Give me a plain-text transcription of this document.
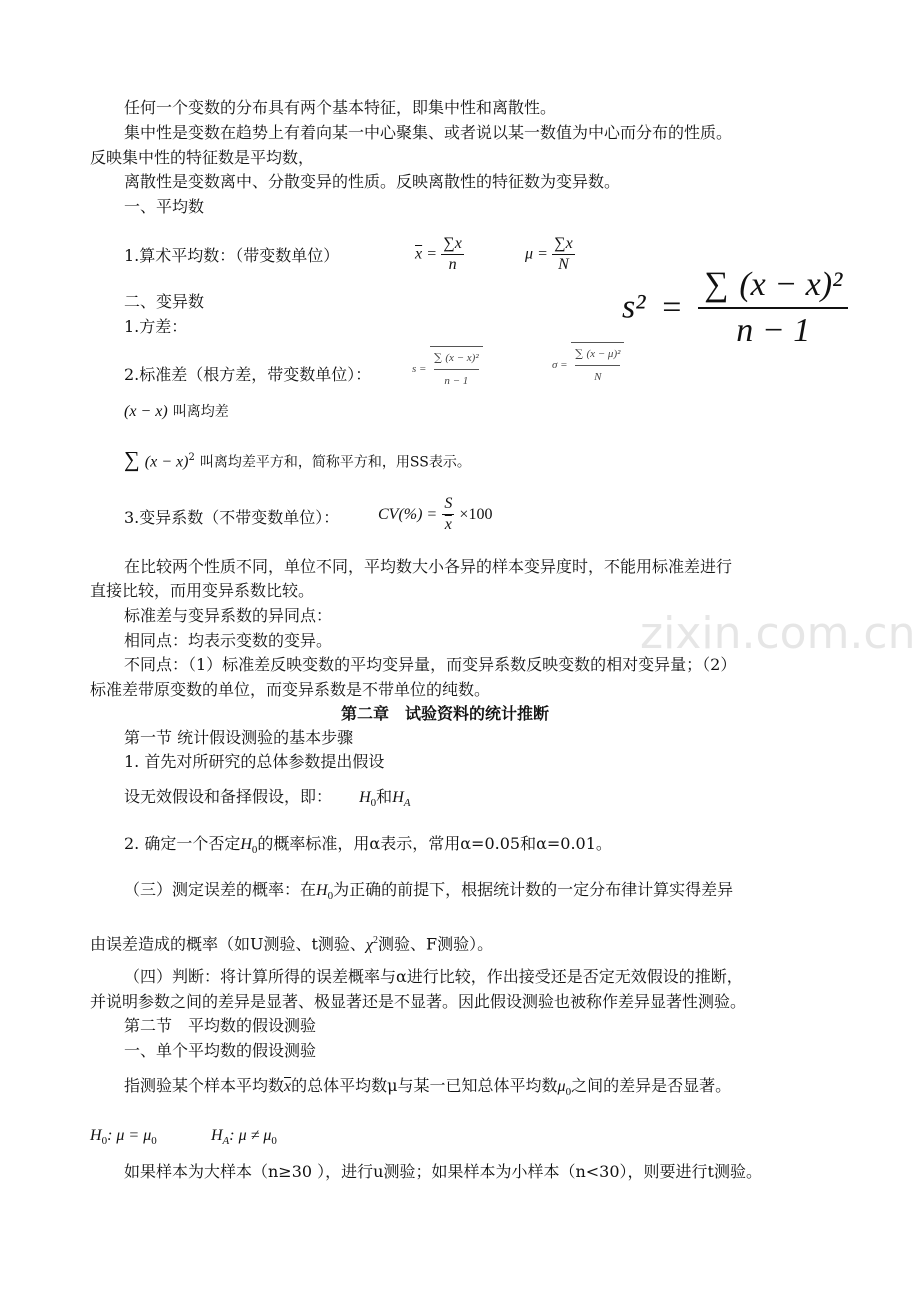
zixin.com.cn
任何一个变数的分布具有两个基本特征，即集中性和离散性。
集中性是变数在趋势上有着向某一中心聚集、或者说以某一数值为中心而分布的性质。
反映集中性的特征数是平均数，
离散性是变数离中、分散变异的性质。反映离散性的特征数为变异数。
一、平均数
1.算术平均数：（带变数单位）	$\overline{x} = \frac{\sum x}{n}$	$\mu = \frac{\sum x}{N}$
$s^2 = \frac{\text{∑ (x − x)²}}{n - 1}$
二、变异数
1.方差：
2.标准差（根方差，带变数单位）：	$s = \frac{\text{∑ (x − x)²}}{n - 1}$	$\sigma = \frac{\text{∑ (x − μ)²}}{N}$
(x − x) 叫离均差
∑ $(x - x)^2$ 叫离均差平方和，简称平方和，用SS表示。
3.变异系数（不带变数单位）： $CV(\%) = \frac{S}{x} \times 100$
在比较两个性质不同，单位不同，平均数大小各异的样本变异度时，不能用标准差进行
直接比较，而用变异系数比较。
标准差与变异系数的异同点：
相同点：均表示变数的变异。
不同点：（1）标准差反映变数的平均变异量，而变异系数反映变数的相对变异量；（2）
标准差带原变数的单位，而变异系数是不带单位的纯数。
第二章　试验资料的统计推断
第一节 统计假设测验的基本步骤
1. 首先对所研究的总体参数提出假设
设无效假设和备择假设，即： $H_0$和$H_A$
2. 确定一个否定$H_0$的概率标准，用α表示，常用α=0.05和α=0.01。
（三）测定误差的概率：在$H_0$为正确的前提下，根据统计数的一定分布律计算实得差异
由误差造成的概率（如U测验、t测验、$\chi^2$测验、F测验）。
（四）判断：将计算所得的误差概率与α进行比较，作出接受还是否定无效假设的推断，
并说明参数之间的差异是显著、极显著还是不显著。因此假设测验也被称作差异显著性测验。
第二节　平均数的假设测验
一、单个平均数的假设测验
指测验某个样本平均数$\overline{x}$的总体平均数μ与某一已知总体平均数$\mu_0$之间的差异是否显著。
$H_0$: $\mu = \mu_0$	$H_A$: $\mu \ne \mu_0$
如果样本为大样本（n≥30 ），进行u测验；如果样本为小样本（n<30），则要进行t测验。
